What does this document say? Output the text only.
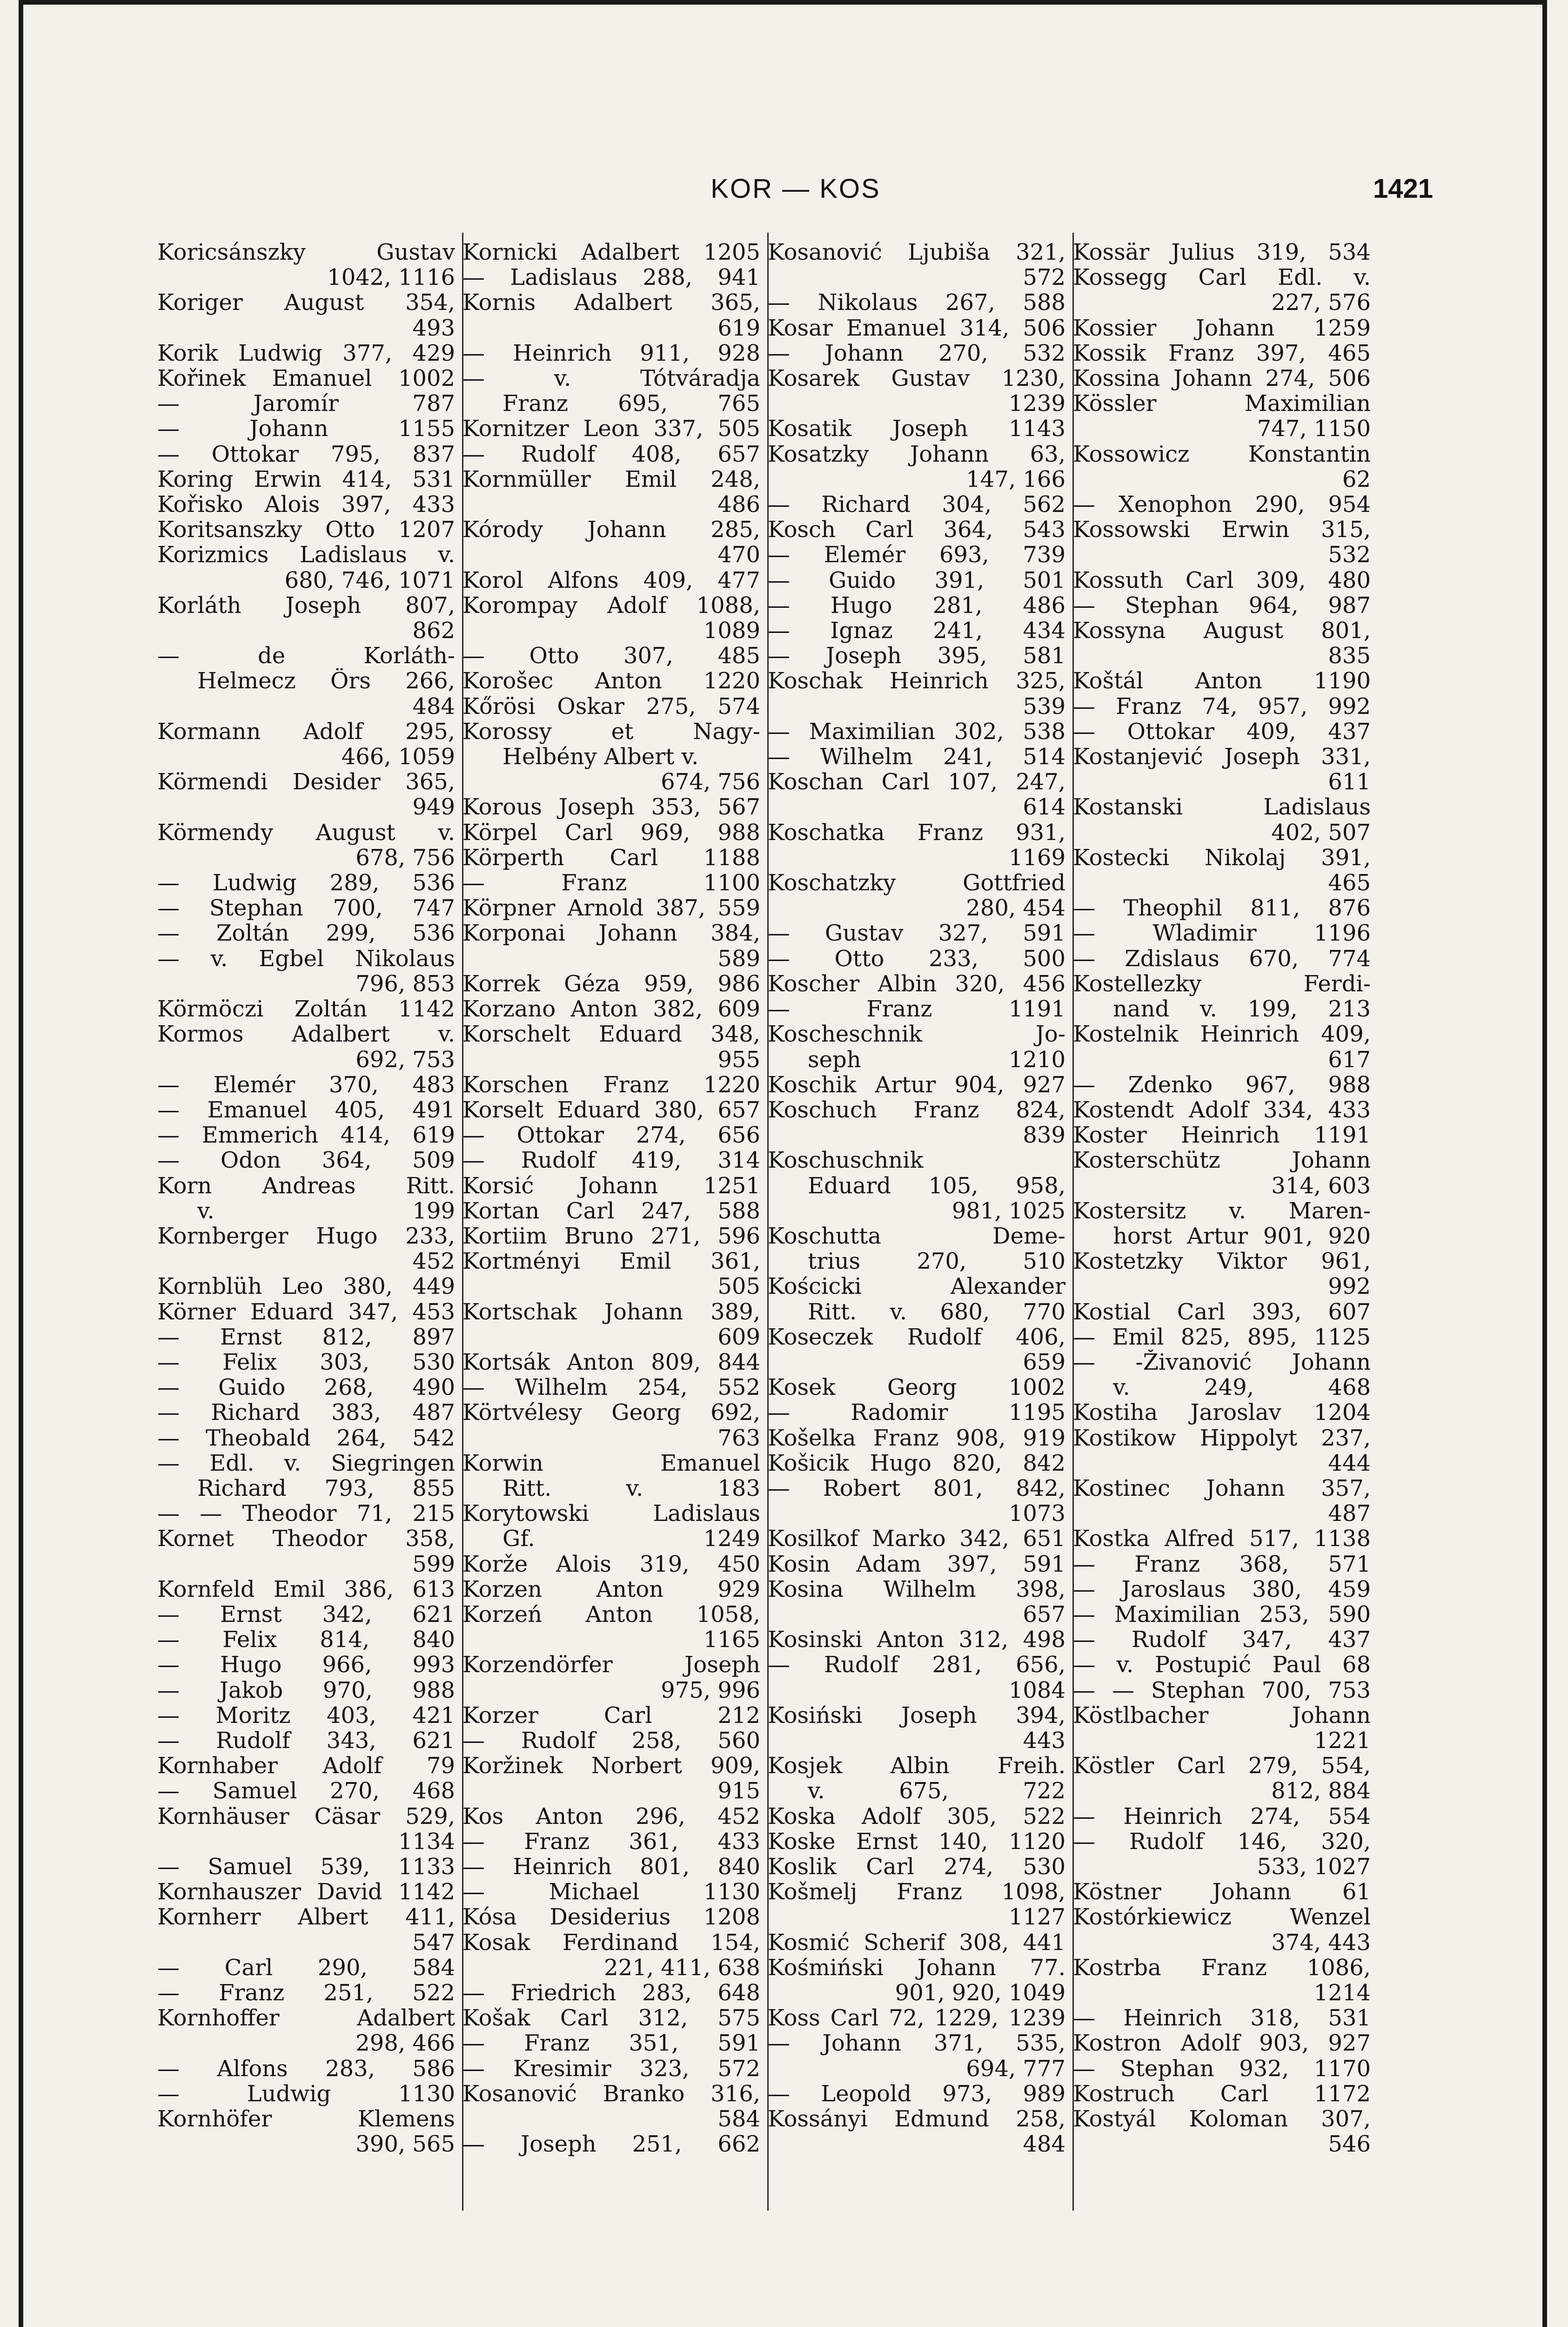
KOR — KOS	1421
Koricsánszky Gustav
1042, 1116
Koriger August 354,
493
Korik Ludwig 377, 429
Kořinek Emanuel 1002
— Jaromír 787
— Johann 1155
— Ottokar 795, 837
Koring Erwin 414, 531
Kořisko Alois 397, 433
Koritsanszky Otto 1207
Korizmics Ladislaus v.
680, 746, 1071
Korláth Joseph 807,
862
— de Korláth-
Helmecz Örs 266,
484
Kormann Adolf 295,
466, 1059
Körmendi Desider 365,
949
Körmendy August v.
678, 756
— Ludwig 289, 536
— Stephan 700, 747
— Zoltán 299, 536
— v. Egbel Nikolaus
796, 853
Körmöczi Zoltán 1142
Kormos Adalbert v.
692, 753
— Elemér 370, 483
— Emanuel 405, 491
— Emmerich 414, 619
— Odon 364, 509
Korn Andreas Ritt.
v. 199
Kornberger Hugo 233,
452
Kornblüh Leo 380, 449
Körner Eduard 347, 453
— Ernst 812, 897
— Felix 303, 530
— Guido 268, 490
— Richard 383, 487
— Theobald 264, 542
— Edl. v. Siegringen
Richard 793, 855
— — Theodor 71, 215
Kornet Theodor 358,
599
Kornfeld Emil 386, 613
— Ernst 342, 621
— Felix 814, 840
— Hugo 966, 993
— Jakob 970, 988
— Moritz 403, 421
— Rudolf 343, 621
Kornhaber Adolf 79
— Samuel 270, 468
Kornhäuser Cäsar 529,
1134
— Samuel 539, 1133
Kornhauszer David 1142
Kornherr Albert 411,
547
— Carl 290, 584
— Franz 251, 522
Kornhoffer Adalbert
298, 466
— Alfons 283, 586
— Ludwig 1130
Kornhöfer Klemens
390, 565
Kornicki Adalbert 1205
— Ladislaus 288, 941
Kornis Adalbert 365,
619
— Heinrich 911, 928
— v. Tótváradja
Franz 695, 765
Kornitzer Leon 337, 505
— Rudolf 408, 657
Kornmüller Emil 248,
486
Kórody Johann 285,
470
Korol Alfons 409, 477
Korompay Adolf 1088,
1089
— Otto 307, 485
Korošec Anton 1220
Kőrösi Oskar 275, 574
Korossy et Nagy-
Helbény Albert v.
674, 756
Korous Joseph 353, 567
Körpel Carl 969, 988
Körperth Carl 1188
— Franz 1100
Körpner Arnold 387, 559
Korponai Johann 384,
589
Korrek Géza 959, 986
Korzano Anton 382, 609
Korschelt Eduard 348,
955
Korschen Franz 1220
Korselt Eduard 380, 657
— Ottokar 274, 656
— Rudolf 419, 314
Korsić Johann 1251
Kortan Carl 247, 588
Kortiim Bruno 271, 596
Kortményi Emil 361,
505
Kortschak Johann 389,
609
Kortsák Anton 809, 844
— Wilhelm 254, 552
Körtvélesy Georg 692,
763
Korwin Emanuel
Ritt. v. 183
Korytowski Ladislaus
Gf. 1249
Korže Alois 319, 450
Korzen Anton 929
Korzeń Anton 1058,
1165
Korzendörfer Joseph
975, 996
Korzer Carl 212
— Rudolf 258, 560
Koržinek Norbert 909,
915
Kos Anton 296, 452
— Franz 361, 433
— Heinrich 801, 840
— Michael 1130
Kósa Desiderius 1208
Kosak Ferdinand 154,
221, 411, 638
— Friedrich 283, 648
Košak Carl 312, 575
— Franz 351, 591
— Kresimir 323, 572
Kosanović Branko 316,
584
— Joseph 251, 662
Kosanović Ljubiša 321,
572
— Nikolaus 267, 588
Kosar Emanuel 314, 506
— Johann 270, 532
Kosarek Gustav 1230,
1239
Kosatik Joseph 1143
Kosatzky Johann 63,
147, 166
— Richard 304, 562
Kosch Carl 364, 543
— Elemér 693, 739
— Guido 391, 501
— Hugo 281, 486
— Ignaz 241, 434
— Joseph 395, 581
Koschak Heinrich 325,
539
— Maximilian 302, 538
— Wilhelm 241, 514
Koschan Carl 107, 247,
614
Koschatka Franz 931,
1169
Koschatzky Gottfried
280, 454
— Gustav 327, 591
— Otto 233, 500
Koscher Albin 320, 456
— Franz 1191
Koscheschnik Jo-
seph 1210
Koschik Artur 904, 927
Koschuch Franz 824,
839
Koschuschnik
Eduard 105, 958,
981, 1025
Koschutta Deme-
trius 270, 510
Kościcki Alexander
Ritt. v. 680, 770
Koseczek Rudolf 406,
659
Kosek Georg 1002
— Radomir 1195
Košelka Franz 908, 919
Košicik Hugo 820, 842
— Robert 801, 842,
1073
Kosilkof Marko 342, 651
Kosin Adam 397, 591
Kosina Wilhelm 398,
657
Kosinski Anton 312, 498
— Rudolf 281, 656,
1084
Kosiński Joseph 394,
443
Kosjek Albin Freih.
v. 675, 722
Koska Adolf 305, 522
Koske Ernst 140, 1120
Koslik Carl 274, 530
Košmelj Franz 1098,
1127
Kosmić Scherif 308, 441
Kośmiński Johann 77.
901, 920, 1049
Koss Carl 72, 1229, 1239
— Johann 371, 535,
694, 777
— Leopold 973, 989
Kossányi Edmund 258,
484
Kossär Julius 319, 534
Kossegg Carl Edl. v.
227, 576
Kossier Johann 1259
Kossik Franz 397, 465
Kossina Johann 274, 506
Kössler Maximilian
747, 1150
Kossowicz Konstantin
62
— Xenophon 290, 954
Kossowski Erwin 315,
532
Kossuth Carl 309, 480
— Stephan 964, 987
Kossyna August 801,
835
Koštál Anton 1190
— Franz 74, 957, 992
— Ottokar 409, 437
Kostanjević Joseph 331,
611
Kostanski Ladislaus
402, 507
Kostecki Nikolaj 391,
465
— Theophil 811, 876
— Wladimir 1196
— Zdislaus 670, 774
Kostellezky Ferdi-
nand v. 199, 213
Kostelnik Heinrich 409,
617
— Zdenko 967, 988
Kostendt Adolf 334, 433
Koster Heinrich 1191
Kosterschütz Johann
314, 603
Kostersitz v. Maren-
horst Artur 901, 920
Kostetzky Viktor 961,
992
Kostial Carl 393, 607
— Emil 825, 895, 1125
— -Živanović Johann
v. 249, 468
Kostiha Jaroslav 1204
Kostikow Hippolyt 237,
444
Kostinec Johann 357,
487
Kostka Alfred 517, 1138
— Franz 368, 571
— Jaroslaus 380, 459
— Maximilian 253, 590
— Rudolf 347, 437
— v. Postupić Paul 68
— — Stephan 700, 753
Köstlbacher Johann
1221
Köstler Carl 279, 554,
812, 884
— Heinrich 274, 554
— Rudolf 146, 320,
533, 1027
Köstner Johann 61
Kostórkiewicz Wenzel
374, 443
Kostrba Franz 1086,
1214
— Heinrich 318, 531
Kostron Adolf 903, 927
— Stephan 932, 1170
Kostruch Carl 1172
Kostyál Koloman 307,
546
